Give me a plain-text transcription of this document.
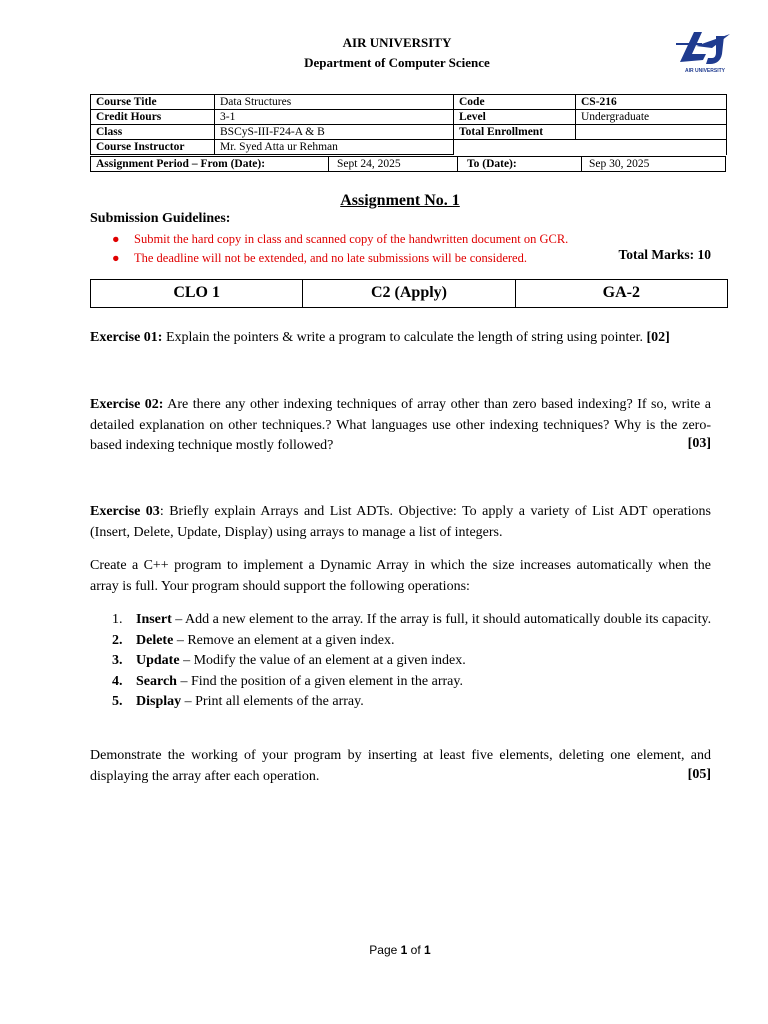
AIR UNIVERSITY
Department of Computer Science
AIR UNIVERSITY
Course Title	Data Structures	Code	CS-216
Credit Hours	3-1	Level	Undergraduate
Class	BSCyS-III-F24-A & B	Total Enrollment	
Course Instructor	Mr. Syed Atta ur Rehman		
Assignment Period – From (Date):	Sept 24, 2025	To (Date):	Sep 30, 2025
Assignment No. 1
Submission Guidelines:
● Submit the hard copy in class and scanned copy of the handwritten document on GCR.
● The deadline will not be extended, and no late submissions will be considered.	Total Marks: 10
CLO 1	C2 (Apply)	GA-2
Exercise 01: Explain the pointers & write a program to calculate the length of string using pointer. [02]
Exercise 02: Are there any other indexing techniques of array other than zero based indexing? If so, write a detailed explanation on other techniques.? What languages use other indexing techniques? Why is the zero-based indexing technique mostly followed?	[03]
Exercise 03: Briefly explain Arrays and List ADTs. Objective: To apply a variety of List ADT operations (Insert, Delete, Update, Display) using arrays to manage a list of integers.
Create a C++ program to implement a Dynamic Array in which the size increases automatically when the array is full. Your program should support the following operations:
1. Insert – Add a new element to the array. If the array is full, it should automatically double its capacity.
2. Delete – Remove an element at a given index.
3. Update – Modify the value of an element at a given index.
4. Search – Find the position of a given element in the array.
5. Display – Print all elements of the array.
Demonstrate the working of your program by inserting at least five elements, deleting one element, and displaying the array after each operation.	[05]
Page 1 of 1
